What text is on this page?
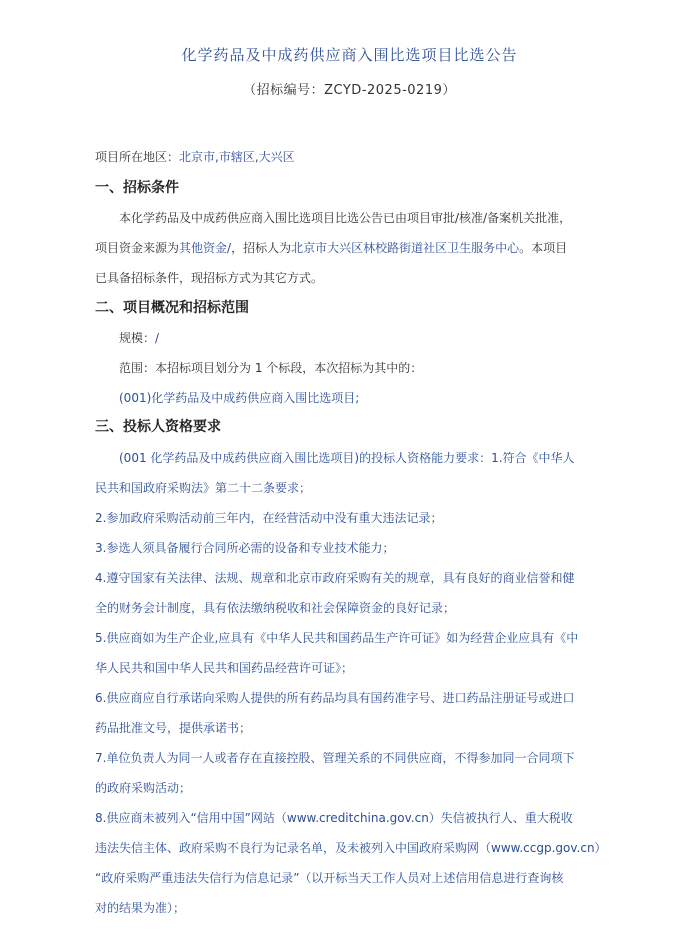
化学药品及中成药供应商入围比选项目比选公告
（招标编号：ZCYD-2025-0219）
项目所在地区：北京市,市辖区,大兴区
一、招标条件
本化学药品及中成药供应商入围比选项目比选公告已由项目审批/核准/备案机关批准，
项目资金来源为其他资金/，招标人为北京市大兴区林校路街道社区卫生服务中心。本项目
已具备招标条件，现招标方式为其它方式。
二、项目概况和招标范围
规模：/
范围：本招标项目划分为 1 个标段，本次招标为其中的：
(001)化学药品及中成药供应商入围比选项目;
三、投标人资格要求
(001 化学药品及中成药供应商入围比选项目)的投标人资格能力要求：1.符合《中华人
民共和国政府采购法》第二十二条要求；
2.参加政府采购活动前三年内，在经营活动中没有重大违法记录；
3.参选人须具备履行合同所必需的设备和专业技术能力；
4.遵守国家有关法律、法规、规章和北京市政府采购有关的规章，具有良好的商业信誉和健
全的财务会计制度，具有依法缴纳税收和社会保障资金的良好记录；
5.供应商如为生产企业,应具有《中华人民共和国药品生产许可证》如为经营企业应具有《中
华人民共和国中华人民共和国药品经营许可证》；
6.供应商应自行承诺向采购人提供的所有药品均具有国药准字号、进口药品注册证号或进口
药品批准文号，提供承诺书；
7.单位负责人为同一人或者存在直接控股、管理关系的不同供应商，不得参加同一合同项下
的政府采购活动；
8.供应商未被列入“信用中国”网站（www.creditchina.gov.cn）失信被执行人、重大税收
违法失信主体、政府采购不良行为记录名单，及未被列入中国政府采购网（www.ccgp.gov.cn）
“政府采购严重违法失信行为信息记录”（以开标当天工作人员对上述信用信息进行查询核
对的结果为准）；
